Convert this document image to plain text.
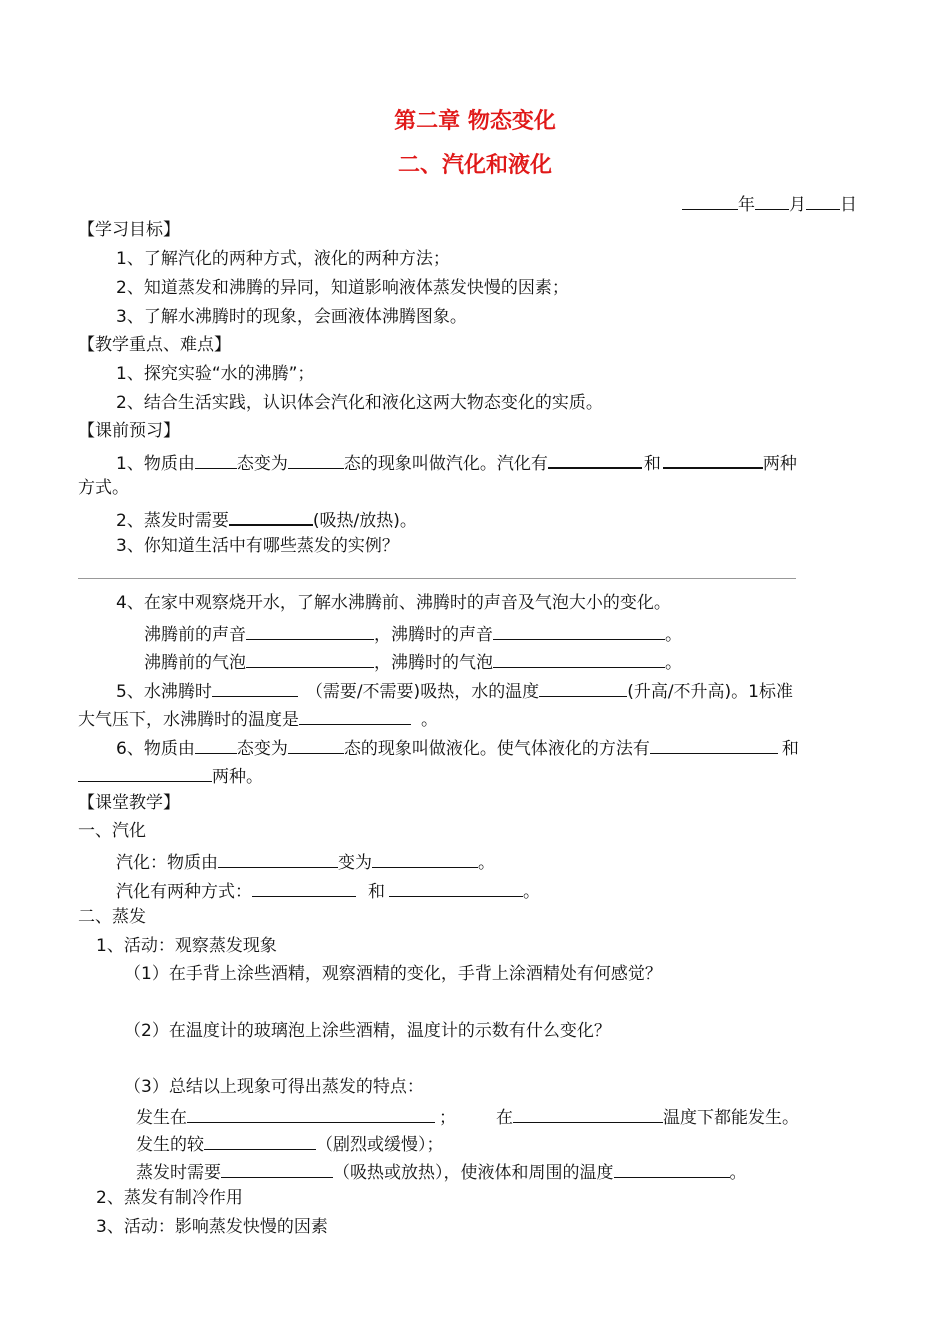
第二章 物态变化
二、汽化和液化
年 月 日
【学习目标】
1、了解汽化的两种方式，液化的两种方法；
2、知道蒸发和沸腾的异同，知道影响液体蒸发快慢的因素；
3、了解水沸腾时的现象，会画液体沸腾图象。
【教学重点、难点】
1、探究实验“水的沸腾”；
2、结合生活实践，认识体会汽化和液化这两大物态变化的实质。
【课前预习】
1、物质由 态变为	态的现象叫做汽化。汽化有	和	两种
方式。
2、蒸发时需要	(吸热/放热)。
3、你知道生活中有哪些蒸发的实例？
4、在家中观察烧开水，了解水沸腾前、沸腾时的声音及气泡大小的变化。
沸腾前的声音	，沸腾时的声音	。
沸腾前的气泡	，沸腾时的气泡	。
5、水沸腾时	（需要/不需要)吸热，水的温度	(升高/不升高)。1标准
大气压下，水沸腾时的温度是	。
6、物质由 态变为	态的现象叫做液化。使气体液化的方法有	和
两种。
【课堂教学】
一、汽化
汽化：物质由	变为	。
汽化有两种方式：	和	。
二、蒸发
1、活动：观察蒸发现象
（1）在手背上涂些酒精，观察酒精的变化，手背上涂酒精处有何感觉？
（2）在温度计的玻璃泡上涂些酒精，温度计的示数有什么变化？
（3）总结以上现象可得出蒸发的特点：
发生在	； 在	温度下都能发生。
发生的较	（剧烈或缓慢）；
蒸发时需要	（吸热或放热），使液体和周围的温度	。
2、蒸发有制冷作用
3、活动：影响蒸发快慢的因素
